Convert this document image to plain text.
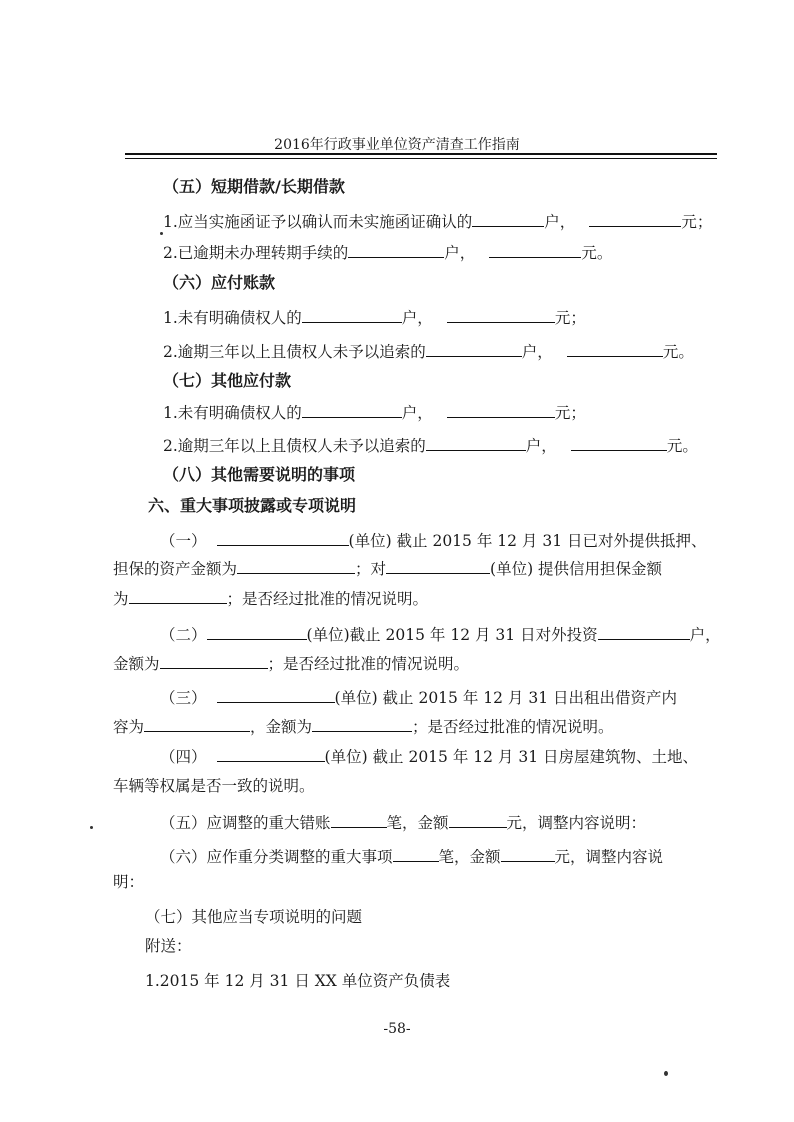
2016年行政事业单位资产清查工作指南
（五）短期借款/长期借款
1.应当实施函证予以确认而未实施函证确认的	户，	元；
2.已逾期未办理转期手续的	户，	元。
（六）应付账款
1.未有明确债权人的	户，	元；
2.逾期三年以上且债权人未予以追索的	户，	元。
（七）其他应付款
1.未有明确债权人的	户，	元；
2.逾期三年以上且债权人未予以追索的	户，	元。
（八）其他需要说明的事项
六、重大事项披露或专项说明
（一）	(单位) 截止 2015 年 12 月 31 日已对外提供抵押、
担保的资产金额为	；对	(单位) 提供信用担保金额
为	；是否经过批准的情况说明。
（二）	(单位)截止 2015 年 12 月 31 日对外投资	户，
金额为	；是否经过批准的情况说明。
（三）	(单位) 截止 2015 年 12 月 31 日出租出借资产内
容为	，金额为	；是否经过批准的情况说明。
（四）	(单位) 截止 2015 年 12 月 31 日房屋建筑物、土地、
车辆等权属是否一致的说明。
（五）应调整的重大错账	笔，金额	元，调整内容说明：
（六）应作重分类调整的重大事项	笔，金额	元，调整内容说
明：
（七）其他应当专项说明的问题
附送：
1.2015 年 12 月 31 日 XX 单位资产负债表
-58-
